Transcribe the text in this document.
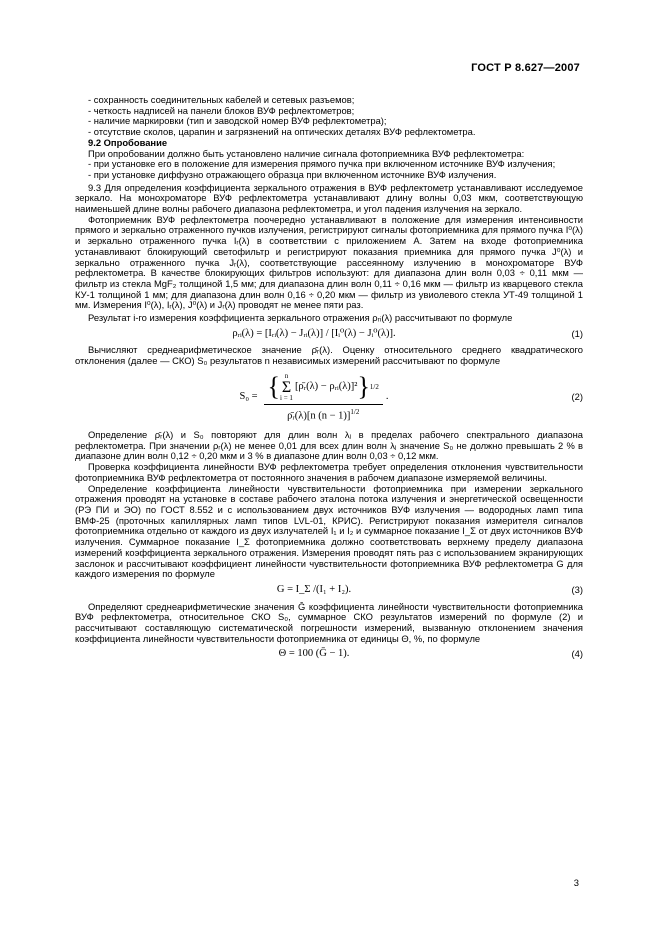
ГОСТ Р 8.627—2007

- сохранность соединительных кабелей и сетевых разъемов;

- четкость надписей на панели блоков ВУФ рефлектометров;

- наличие маркировки (тип и заводской номер ВУФ рефлектометра);

- отсутствие сколов, царапин и загрязнений на оптических деталях ВУФ рефлектометра.

9.2 Опробование

При опробовании должно быть установлено наличие сигнала фотоприемника ВУФ рефлектометра:

- при установке его в положение для измерения прямого пучка при включенном источнике ВУФ излучения;

- при установке диффузно отражающего образца при включенном источнике ВУФ излучения.

9.3 Для определения коэффициента зеркального отражения в ВУФ рефлектометр устанавливают исследуемое зеркало. На монохроматоре ВУФ рефлектометра устанавливают длину волны 0,03 мкм, соответствующую наименьшей длине волны рабочего диапазона рефлектометра, и угол падения излучения на зеркало.

Фотоприемник ВУФ рефлектометра поочередно устанавливают в положение для измерения интенсивности прямого и зеркально отраженного пучков излучения, регистрируют сигналы фотоприемника для прямого пучка I⁰(λ) и зеркально отраженного пучка Iᵣ(λ) в соответствии с приложением А. Затем на входе фотоприемника устанавливают блокирующий светофильтр и регистрируют показания приемника для прямого пучка J⁰(λ) и зеркально отраженного пучка Jᵣ(λ), соответствующие рассеянному излучению в монохроматоре ВУФ рефлектометра. В качестве блокирующих фильтров используют: для диапазона длин волн 0,03 ÷ 0,11 мкм — фильтр из стекла MgF₂ толщиной 1,5 мм; для диапазона длин волн 0,11 ÷ 0,16 мкм — фильтр из кварцевого стекла КУ-1 толщиной 1 мм; для диапазона длин волн 0,16 ÷ 0,20 мкм — фильтр из увиолевого стекла УТ-49 толщиной 1 мм. Измерения I⁰(λ), Iᵣ(λ), J⁰(λ) и Jᵣ(λ) проводят не менее пяти раз.

Результат i-го измерения коэффициента зеркального отражения ρᵣᵢ(λ) рассчитывают по формуле

ρᵣᵢ(λ) = [Iᵣᵢ(λ) − Jᵣᵢ(λ)] / [Iᵢ⁰(λ) − Jᵢ⁰(λ)].	(1)

Вычисляют среднеарифметическое значение ρ̄ᵣ(λ). Оценку относительного среднего квадратического отклонения (далее — СКО) S₀ результатов n независимых измерений рассчитывают по формуле

S₀ = { n
Σ
i = 1
[ρ̄ᵣ(λ) − ρᵣᵢ(λ)]² } 1/2
ρ̄ᵣ(λ)[n (n − 1)]$^{1/2}$
.	(2)

Определение ρ̄ᵣ(λ) и S₀ повторяют для длин волн λⱼ в пределах рабочего спектрального диапазона рефлектометра. При значении ρᵣ(λ) не менее 0,01 для всех длин волн λⱼ значение S₀ не должно превышать 2 % в диапазоне длин волн 0,12 ÷ 0,20 мкм и 3 % в диапазоне длин волн 0,03 ÷ 0,12 мкм.

Проверка коэффициента линейности ВУФ рефлектометра требует определения отклонения чувствительности фотоприемника ВУФ рефлектометра от постоянного значения в рабочем диапазоне измеряемой величины.

Определение коэффициента линейности чувствительности фотоприемника при измерении зеркального отражения проводят на установке в составе рабочего эталона потока излучения и энергетической освещенности (РЭ ПИ и ЭО) по ГОСТ 8.552 и с использованием двух источников ВУФ излучения — водородных ламп типа ВМФ-25 (проточных капиллярных ламп типов LVL-01, КРИС). Регистрируют показания измерителя сигналов фотоприемника отдельно от каждого из двух излучателей I₁ и I₂ и суммарное показание I_Σ от двух источников ВУФ излучения. Суммарное показание I_Σ фотоприемника должно соответствовать верхнему пределу диапазона измерений коэффициента зеркального отражения. Измерения проводят пять раз с использованием экранирующих заслонок и рассчитывают коэффициент линейности чувствительности фотоприемника ВУФ рефлектометра G для каждого измерения по формуле

G = I_Σ /(I₁ + I₂).	(3)

Определяют среднеарифметические значения Ḡ коэффициента линейности чувствительности фотоприемника ВУФ рефлектометра, относительное СКО S₀, суммарное СКО результатов измерений по формуле (2) и рассчитывают составляющую систематической погрешности измерений, вызванную отклонением значения коэффициента линейности чувствительности фотоприемника от единицы Θ, %, по формуле

Θ = 100 (Ḡ − 1).	(4)
3
